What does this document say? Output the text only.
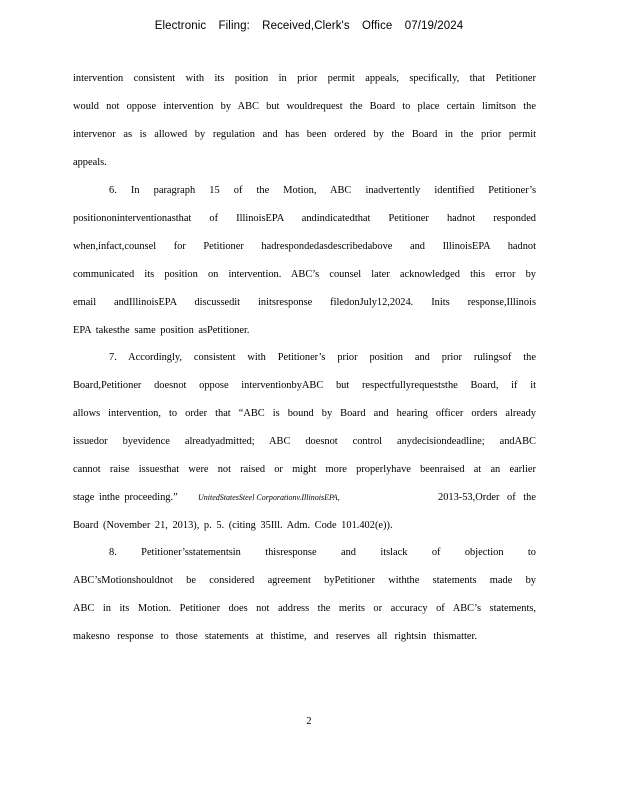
Electronic Filing: Received,Clerk's Office 07/19/2024
intervention consistent with its position in prior permit appeals, specifically, that Petitioner
would not oppose intervention by ABC but wouldrequest the Board to place certain limitson the
intervenor as is allowed by regulation and has been ordered by the Board in the prior permit
appeals.
6. In paragraph 15 of the Motion, ABC inadvertently identified Petitioner’s
positiononinterventionasthat of IllinoisEPA andindicatedthat Petitioner hadnot responded
when,infact,counsel for Petitioner hadrespondedasdescribedabove and IllinoisEPA hadnot
communicated its position on intervention. ABC’s counsel later acknowledged this error by
email andIllinoisEPA discussedit initsresponse filedonJuly12,2024. Inits response,Illinois
EPA takesthe same position asPetitioner.
7. Accordingly, consistent with Petitioner’s prior position and prior rulingsof the
Board,Petitioner doesnot oppose interventionbyABC but respectfullyrequeststhe Board, if it
allows intervention, to order that “ABC is bound by Board and hearing officer orders already
issuedor byevidence alreadyadmitted; ABC doesnot control anydecisiondeadline; andABC
cannot raise issuesthat were not raised or might more properlyhave beenraised at an earlier
stage inthe proceeding.”	UnitedStatesSteel Corporationv.IllinoisEPA,	2013-53,Order of the
Board (November 21, 2013), p. 5. (citing 35Ill. Adm. Code 101.402(e)).
8. Petitioner’sstatementsin thisresponse and itslack of objection to
ABC’sMotionshouldnot be considered agreement byPetitioner withthe statements made by
ABC in its Motion. Petitioner does not address the merits or accuracy of ABC’s statements,
makesno response to those statements at thistime, and reserves all rightsin thismatter.
2
